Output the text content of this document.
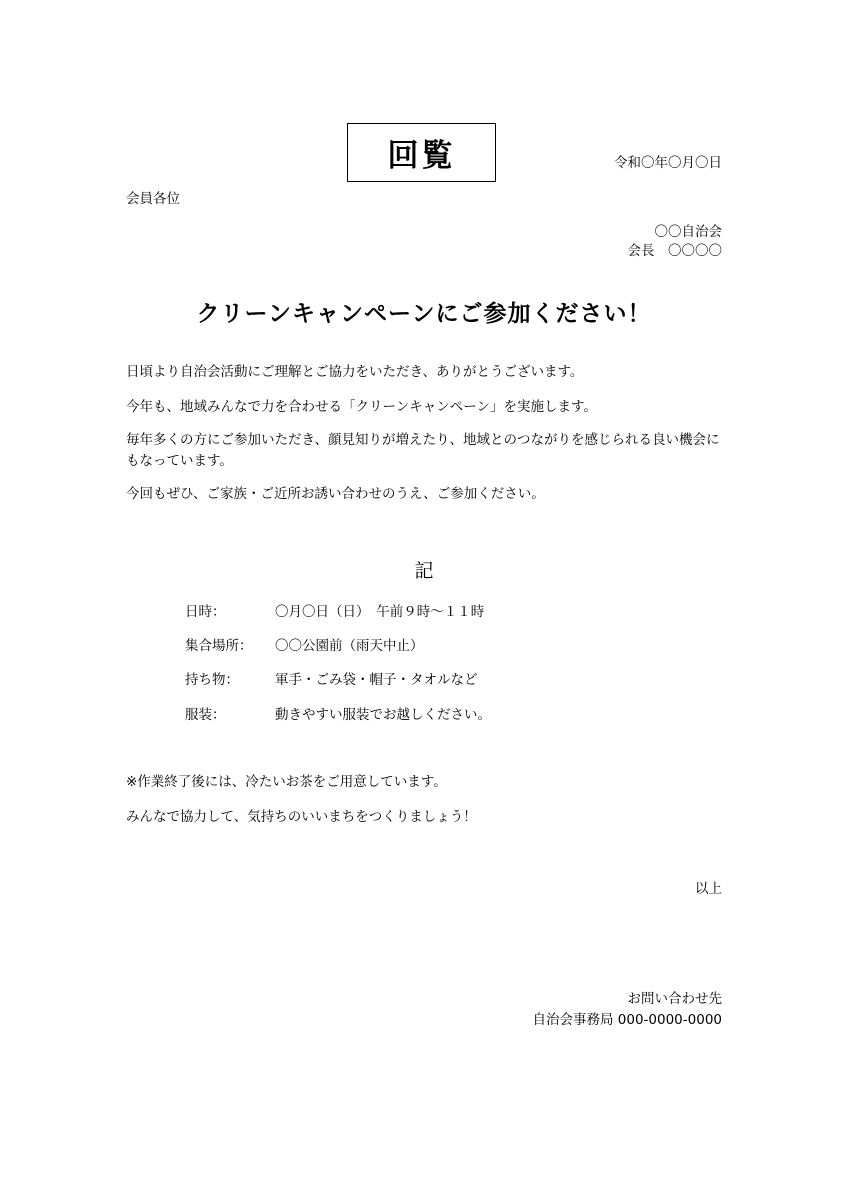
回覧	令和〇年〇月〇日
会員各位
〇〇自治会
会長　〇〇〇〇
クリーンキャンペーンにご参加ください！
日頃より自治会活動にご理解とご協力をいただき、ありがとうございます。
今年も、地域みんなで力を合わせる「クリーンキャンペーン」を実施します。
毎年多くの方にご参加いただき、顔見知りが増えたり、地域とのつながりを感じられる良い機会にもなっています。
今回もぜひ、ご家族・ご近所お誘い合わせのうえ、ご参加ください。
記
日時：	〇月〇日（日）　午前９時～１１時
集合場所： 〇〇公園前（雨天中止）
持ち物：	軍手・ごみ袋・帽子・タオルなど
服装：	動きやすい服装でお越しください。
※作業終了後には、冷たいお茶をご用意しています。
みんなで協力して、気持ちのいいまちをつくりましょう！
以上
お問い合わせ先
自治会事務局 000-0000-0000
